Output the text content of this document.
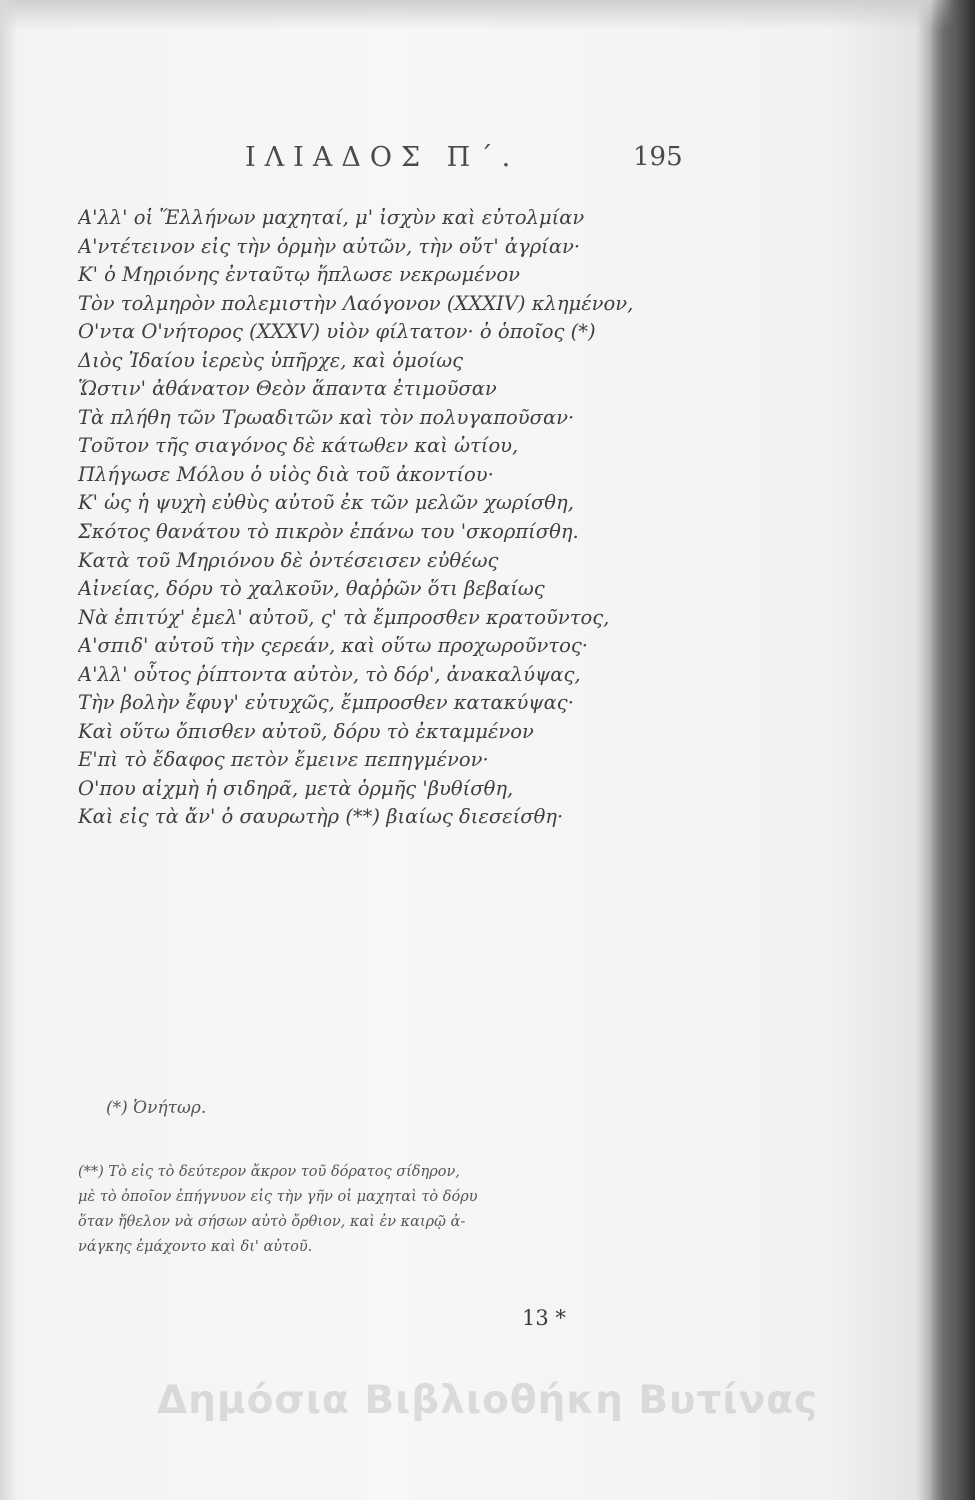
ΙΛΙΑΔΟΣ Π΄.	195
Α'λλ' οἱ Ἕλλήνων μαχηταί, μ' ἰσχὺν καὶ εὐτολμίαν
Α'ντέτεινον εἰς τὴν ὁρμὴν αὐτῶν, τὴν οὔτ' ἀγρίαν·
Κ' ὁ Μηριόνης ἐνταῦτῳ ἥπλωσε νεκρωμένον
Τὸν τολμηρὸν πολεμιστὴν Λαόγονον (XXXIV) κλημένον,
Ο'ντα Ο'νήτορος (XXXV) υἱὸν φίλτατον· ὁ ὁποῖος (*)
Διὸς Ἰδαίου ἱερεὺς ὑπῆρχε, καὶ ὁμοίως
Ὥστιν' ἀθάνατον Θεὸν ἅπαντα ἐτιμοῦσαν
Τὰ πλήθη τῶν Τρωαδιτῶν καὶ τὸν πολυγαποῦσαν·
Τοῦτον τῆς σιαγόνος δὲ κάτωθεν καὶ ὠτίου,
Πλήγωσε Μόλου ὁ υἱὸς διὰ τοῦ ἀκοντίου·
Κ' ὡς ἡ ψυχὴ εὐθὺς αὐτοῦ ἐκ τῶν μελῶν χωρίσθη,
Σκότος θανάτου τὸ πικρὸν ἐπάνω του 'σκορπίσθη.
Κατὰ τοῦ Μηριόνου δὲ ὀντέσεισεν εὐθέως
Αἰνείας, δόρυ τὸ χαλκοῦν, θαῤῥῶν ὅτι βεβαίως
Νὰ ἐπιτύχ' ἐμελ' αὐτοῦ, ς' τὰ ἔμπροσθεν κρατοῦντος,
Α'σπιδ' αὐτοῦ τὴν ςερεάν, καὶ οὕτω προχωροῦντος·
Α'λλ' οὗτος ῥίπτοντα αὐτὸν, τὸ δόρ', ἀνακαλύψας,
Τὴν βολὴν ἔφυγ' εὐτυχῶς, ἔμπροσθεν κατακύψας·
Καὶ οὕτω ὄπισθεν αὐτοῦ, δόρυ τὸ ἐκταμμένον
Ε'πὶ τὸ ἔδαφος πετὸν ἔμεινε πεπηγμένον·
Ο'που αἰχμὴ ἡ σιδηρᾶ, μετὰ ὁρμῆς 'βυθίσθη,
Καὶ εἰς τὰ ἄν' ὁ σαυρωτὴρ (**) βιαίως διεσείσθη·
(*) Ὀνήτωρ.
(**) Τὸ εἰς τὸ δεύτερον ἄκρον τοῦ δόρατος σίδηρον,
μὲ τὸ ὁποῖον ἐπήγνυον εἰς τὴν γῆν οἱ μαχηταὶ τὸ δόρυ
ὅταν ἤθελον νὰ σήσων αὐτὸ ὄρθιον, καὶ ἐν καιρῷ ἀ-
νάγκης ἐμάχοντο καὶ δι' αὐτοῦ.
13 *
Δημόσια Βιβλιοθήκη Βυτίνας
